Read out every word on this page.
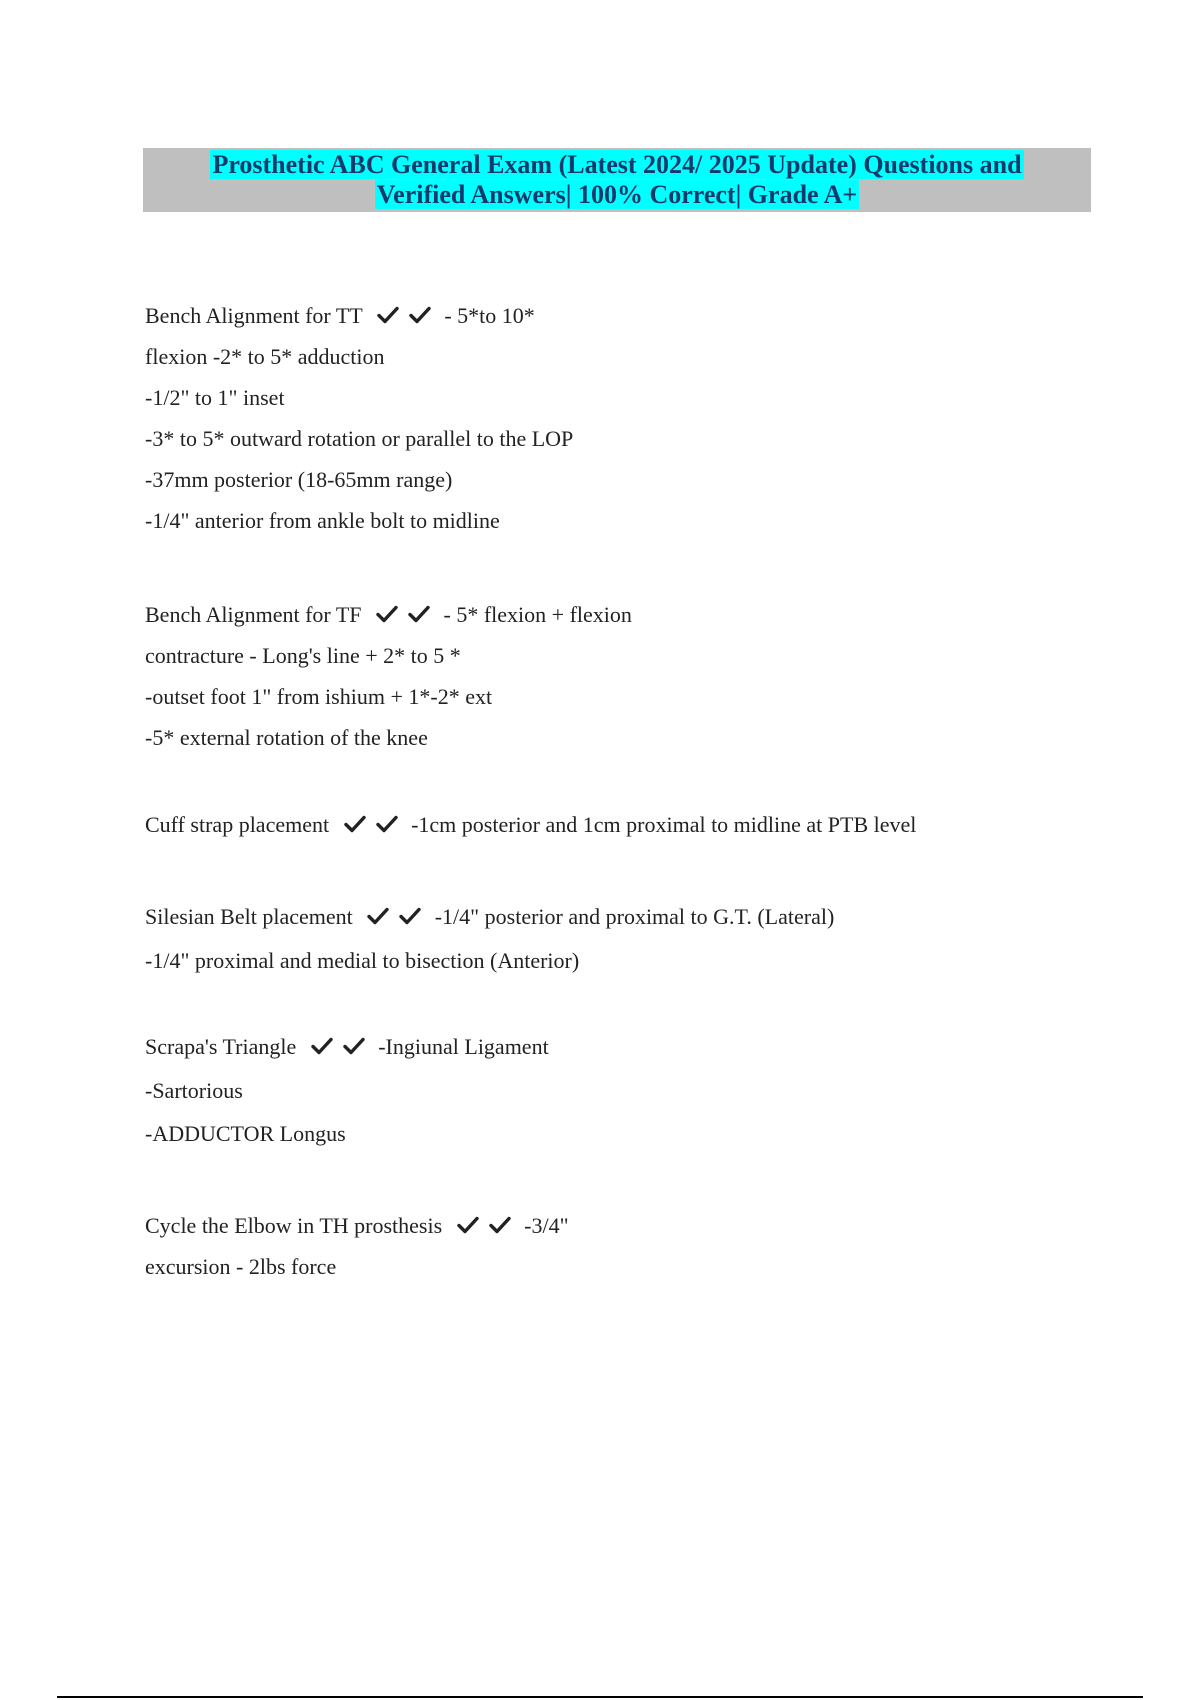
Prosthetic ABC General Exam (Latest 2024/ 2025 Update) Questions and
Verified Answers| 100% Correct| Grade A+
Bench Alignment for TT	- 5*to 10*
flexion -2* to 5* adduction
-1/2" to 1" inset
-3* to 5* outward rotation or parallel to the LOP
-37mm posterior (18-65mm range)
-1/4" anterior from ankle bolt to midline
Bench Alignment for TF	- 5* flexion + flexion
contracture - Long's line + 2* to 5 *
-outset foot 1" from ishium + 1*-2* ext
-5* external rotation of the knee
Cuff strap placement	-1cm posterior and 1cm proximal to midline at PTB level
Silesian Belt placement	-1/4" posterior and proximal to G.T. (Lateral)
-1/4" proximal and medial to bisection (Anterior)
Scrapa's Triangle	-Ingiunal Ligament
-Sartorious
-ADDUCTOR Longus
Cycle the Elbow in TH prosthesis	-3/4"
excursion - 2lbs force
